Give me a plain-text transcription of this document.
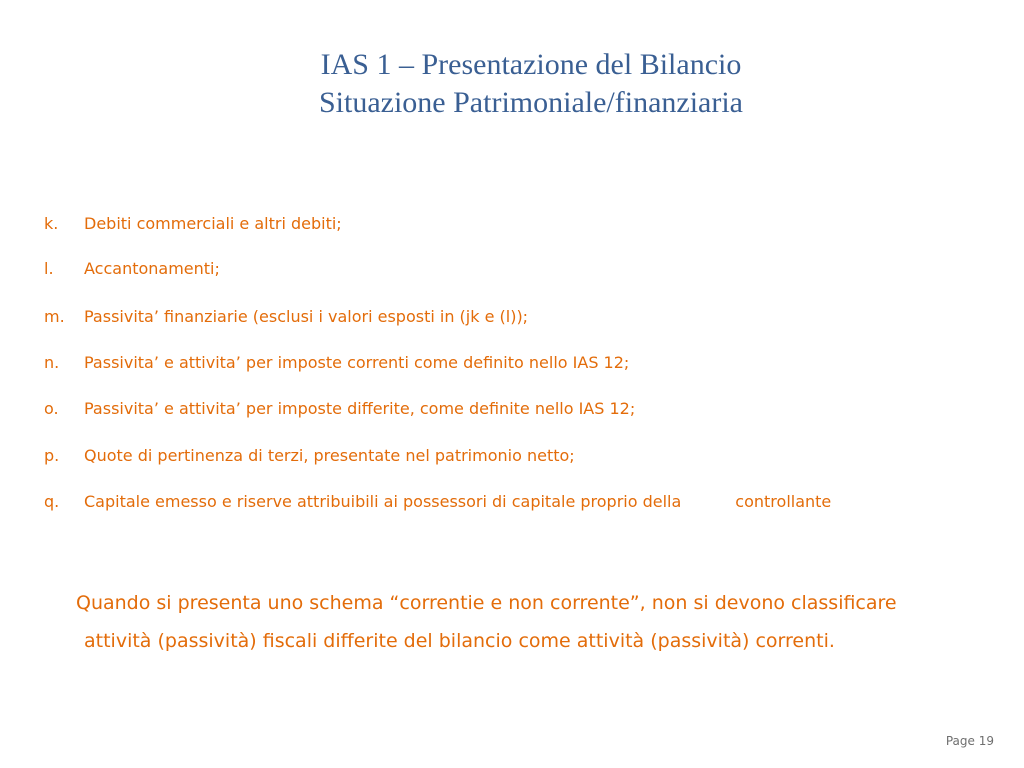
IAS 1 – Presentazione del Bilancio
Situazione Patrimoniale/finanziaria
k.	Debiti commerciali e altri debiti;
l.	Accantonamenti;
m.	Passivita’ finanziarie (esclusi i valori esposti in (jk e (l));
n.	Passivita’ e attivita’ per imposte correnti come definito nello IAS 12;
o.	Passivita’ e attivita’ per imposte differite, come definite nello IAS 12;
p.	Quote di pertinenza di terzi, presentate nel patrimonio netto;
q.	Capitale emesso e riserve attribuibili ai possessori di capitale proprio della	controllante
Quando si presenta uno schema “correntie e non corrente”, non si devono classificare
attività (passività) fiscali differite del bilancio come attività (passività) correnti.
Page 19
